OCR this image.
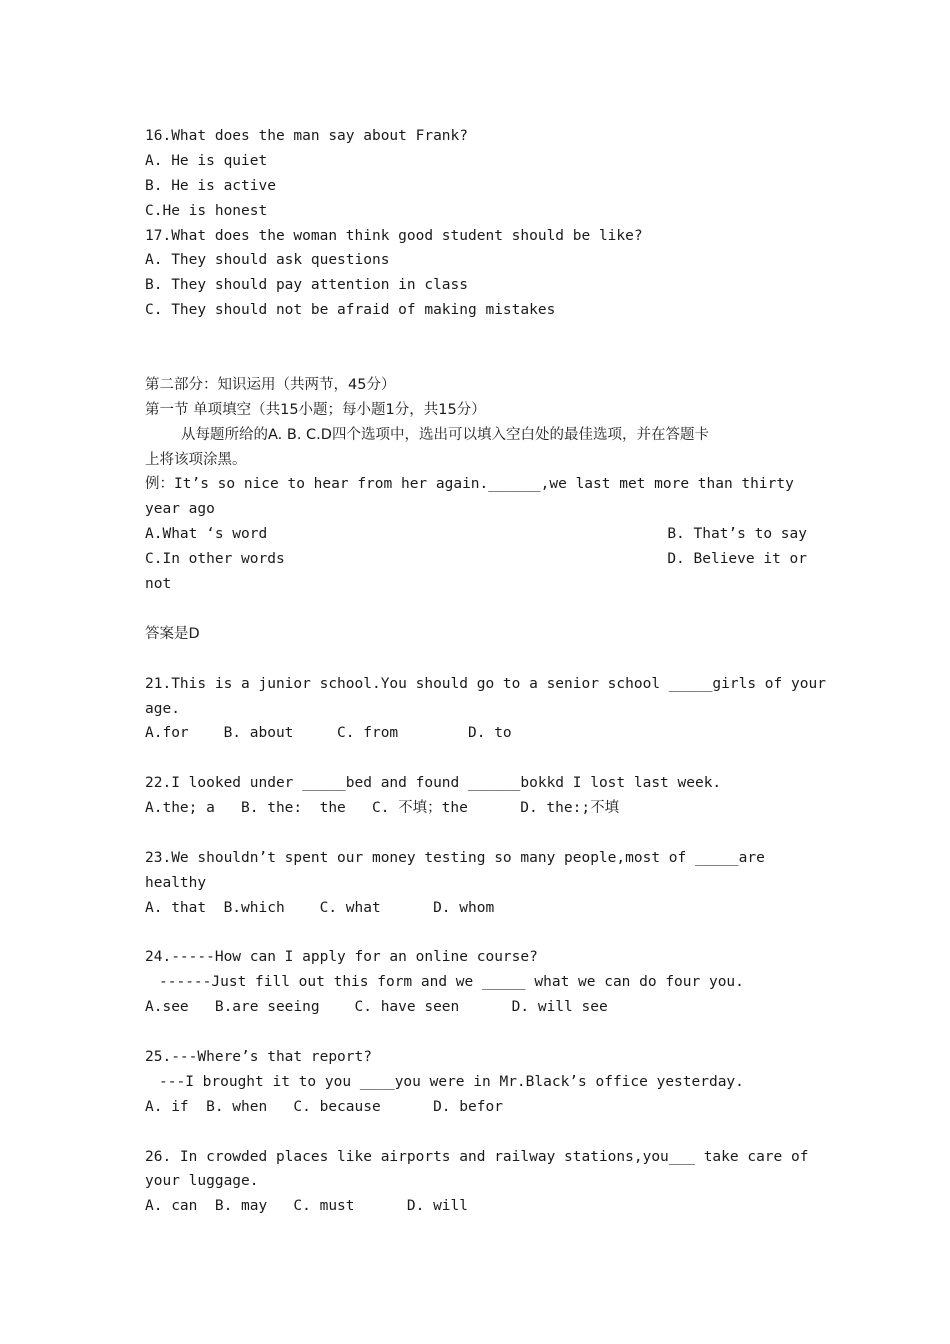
16.What does the man say about Frank?
A. He is quiet
B. He is active
C.He is honest
17.What does the woman think good student should be like?
A. They should ask questions
B. They should pay attention in class
C. They should not be afraid of making mistakes
第二部分：知识运用（共两节，45分）
第一节 单项填空（共15小题；每小题1分，共15分）
从每题所给的A. B. C.D四个选项中，选出可以填入空白处的最佳选项，并在答题卡
上将该项涂黑。
例：It’s so nice to hear from her again.______,we last met more than thirty
year ago
A.What ‘s word	B. That’s to say
C.In other words	D. Believe it or
not
答案是D
21.This is a junior school.You should go to a senior school _____girls of your
age.
A.for    B. about     C. from        D. to
22.I looked under _____bed and found ______bokkd I lost last week.
A.the; a   B. the:  the   C. 不填；the      D. the:;不填
23.We shouldn’t spent our money testing so many people,most of _____are
healthy
A. that  B.which    C. what      D. whom
24.-----How can I apply for an online course?
------Just fill out this form and we _____ what we can do four you.
A.see   B.are seeing    C. have seen      D. will see
25.---Where’s that report?
---I brought it to you ____you were in Mr.Black’s office yesterday.
A. if  B. when   C. because      D. befor
26. In crowded places like airports and railway stations,you___ take care of
your luggage.
A. can  B. may   C. must      D. will
